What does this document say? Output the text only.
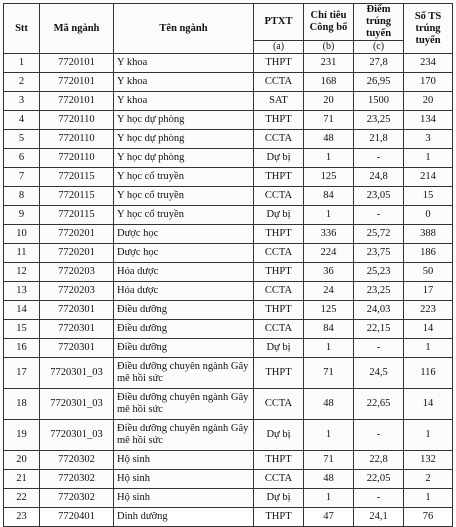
Stt	Mã ngành	Tên ngành	PTXT	Chỉ tiêu Công bố	Điểm trúng tuyển	Số TS trúng tuyển
			(a)	(b)	(c)	
1	7720101	Y khoa	THPT	231	27,8	234
2	7720101	Y khoa	CCTA	168	26,95	170
3	7720101	Y khoa	SAT	20	1500	20
4	7720110	Y học dự phòng	THPT	71	23,25	134
5	7720110	Y học dự phòng	CCTA	48	21,8	3
6	7720110	Y học dự phòng	Dự bị	1	-	1
7	7720115	Y học cổ truyền	THPT	125	24,8	214
8	7720115	Y học cổ truyền	CCTA	84	23,05	15
9	7720115	Y học cổ truyền	Dự bị	1	-	0
10	7720201	Dược học	THPT	336	25,72	388
11	7720201	Dược học	CCTA	224	23,75	186
12	7720203	Hóa dược	THPT	36	25,23	50
13	7720203	Hóa dược	CCTA	24	23,25	17
14	7720301	Điều dưỡng	THPT	125	24,03	223
15	7720301	Điều dưỡng	CCTA	84	22,15	14
16	7720301	Điều dưỡng	Dự bị	1	-	1
17	7720301_03	Điều dưỡng chuyên ngành Gây mê hồi sức	THPT	71	24,5	116
18	7720301_03	Điều dưỡng chuyên ngành Gây mê hồi sức	CCTA	48	22,65	14
19	7720301_03	Điều dưỡng chuyên ngành Gây mê hồi sức	Dự bị	1	-	1
20	7720302	Hộ sinh	THPT	71	22,8	132
21	7720302	Hộ sinh	CCTA	48	22,05	2
22	7720302	Hộ sinh	Dự bị	1	-	1
23	7720401	Dinh dưỡng	THPT	47	24,1	76
